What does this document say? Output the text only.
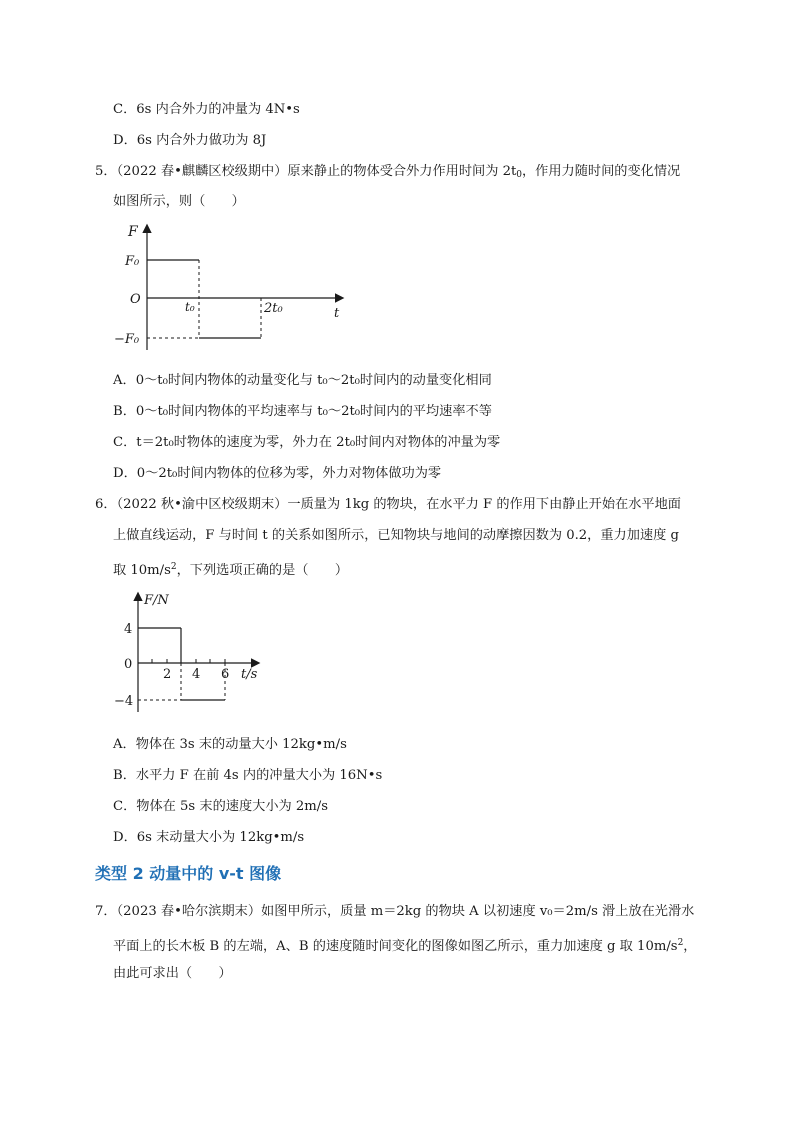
C．6s 内合外力的冲量为 4N•s
D．6s 内合外力做功为 8J
5．（2022 春•麒麟区校级期中）原来静止的物体受合外力作用时间为 $2t_0$，作用力随时间的变化情况
如图所示，则（　　）
F
F₀
O
−F₀
t₀	2t₀	t
A．0～t₀时间内物体的动量变化与 t₀～2t₀时间内的动量变化相同
B．0～t₀时间内物体的平均速率与 t₀～2t₀时间内的平均速率不等
C．t＝2t₀时物体的速度为零，外力在 2t₀时间内对物体的冲量为零
D．0～2t₀时间内物体的位移为零，外力对物体做功为零
6．（2022 秋•渝中区校级期末）一质量为 1kg 的物块，在水平力 F 的作用下由静止开始在水平地面
上做直线运动，F 与时间 t 的关系如图所示，已知物块与地间的动摩擦因数为 0.2，重力加速度 g
取 $10m/s^2$，下列选项正确的是（　　）
F/N
4
0
−4
2 4 6 t/s
A．物体在 3s 末的动量大小 12kg•m/s
B．水平力 F 在前 4s 内的冲量大小为 16N•s
C．物体在 5s 末的速度大小为 2m/s
D．6s 末动量大小为 12kg•m/s
类型 2 动量中的 v-t 图像
7．（2023 春•哈尔滨期末）如图甲所示，质量 m＝2kg 的物块 A 以初速度 v₀＝2m/s 滑上放在光滑水
平面上的长木板 B 的左端，A、B 的速度随时间变化的图像如图乙所示，重力加速度 g 取 $10m/s^2$，
由此可求出（　　）
